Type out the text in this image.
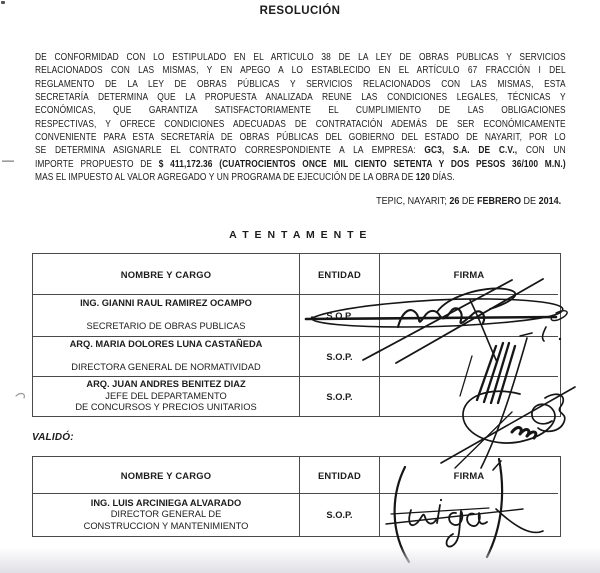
RESOLUCIÓN
DE CONFORMIDAD CON LO ESTIPULADO EN EL ARTÍCULO 38 DE LA LEY DE OBRAS PÚBLICAS Y SERVICIOS
RELACIONADOS CON LAS MISMAS, Y EN APEGO A LO ESTABLECIDO EN EL ARTÍCULO 67 FRACCIÓN I DEL
REGLAMENTO DE LA LEY DE OBRAS PÚBLICAS Y SERVICIOS RELACIONADOS CON LAS MISMAS, ESTA
SECRETARÍA DETERMINA QUE LA PROPUESTA ANALIZADA REUNE LAS CONDICIONES LEGALES, TÉCNICAS Y
ECONÓMICAS, QUE GARANTIZA SATISFACTORIAMENTE EL CUMPLIMIENTO DE LAS OBLIGACIONES
RESPECTIVAS, Y OFRECE CONDICIONES ADECUADAS DE CONTRATACIÓN ADEMÁS DE SER ECONÓMICAMENTE
CONVENIENTE PARA ESTA SECRETARÍA DE OBRAS PÚBLICAS DEL GOBIERNO DEL ESTADO DE NAYARIT, POR LO
SE DETERMINA ASIGNARLE EL CONTRATO CORRESPONDIENTE A LA EMPRESA: GC3, S.A. DE C.V., CON UN
IMPORTE PROPUESTO DE $ 411,172.36 (CUATROCIENTOS ONCE MIL CIENTO SETENTA Y DOS PESOS 36/100 M.N.)
MAS EL IMPUESTO AL VALOR AGREGADO Y UN PROGRAMA DE EJECUCIÓN DE LA OBRA DE 120 DÍAS.
—
TEPIC, NAYARIT; 26 DE FEBRERO DE 2014.
A T E N T A M E N T E
NOMBRE Y CARGO	ENTIDAD	FIRMA
ING. GIANNI RAUL RAMIREZ OCAMPO

SECRETARIO DE OBRAS PUBLICAS
S.O.P.
ARQ. MARIA DOLORES LUNA CASTAÑEDA

DIRECTORA GENERAL DE NORMATIVIDAD
S.O.P.
ARQ. JUAN ANDRES BENITEZ DIAZ
JEFE DEL DEPARTAMENTO
DE CONCURSOS Y PRECIOS UNITARIOS
S.O.P.
VALIDÓ:
NOMBRE Y CARGO	ENTIDAD	FIRMA
ING. LUIS ARCINIEGA ALVARADO
DIRECTOR GENERAL DE
CONSTRUCCION Y MANTENIMIENTO
S.O.P.
